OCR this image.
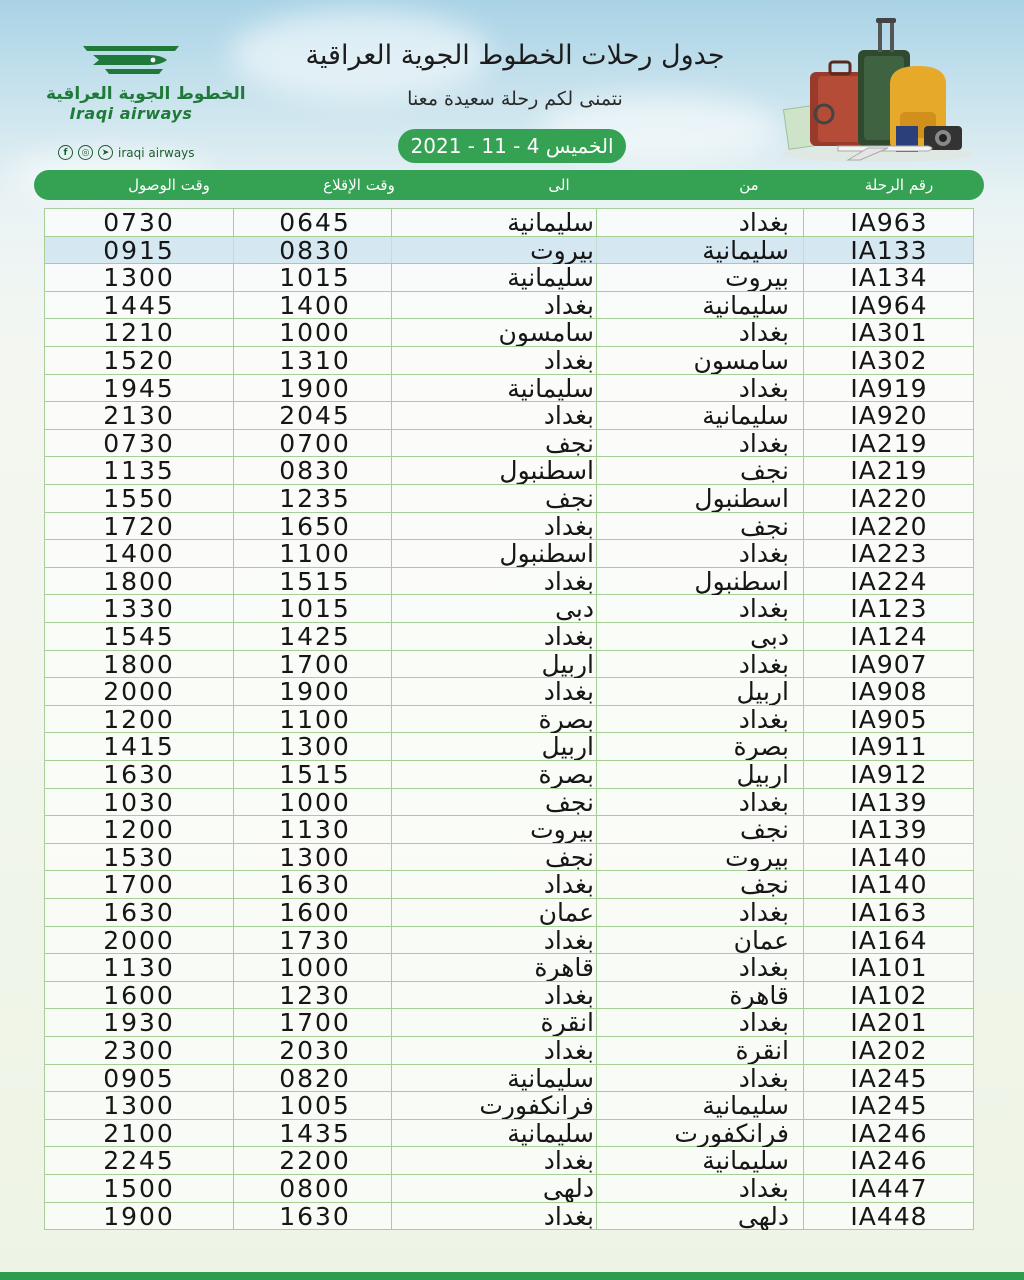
الخطوط الجوية العراقية
Iraqi airways
f	◎	➤ iraqi airways
جدول رحلات الخطوط الجوية العراقية
نتمنى لكم رحلة سعيدة معنا
الخميس 4 - 11 - 2021
رقم الرحلة
من
الى
وقت الإقلاع
وقت الوصول
IA963
بغداد
سليمانية
0645
0730
IA133
سليمانية
بيروت
0830
0915
IA134
بيروت
سليمانية
1015
1300
IA964
سليمانية
بغداد
1400
1445
IA301
بغداد
سامسون
1000
1210
IA302
سامسون
بغداد
1310
1520
IA919
بغداد
سليمانية
1900
1945
IA920
سليمانية
بغداد
2045
2130
IA219
بغداد
نجف
0700
0730
IA219
نجف
اسطنبول
0830
1135
IA220
اسطنبول
نجف
1235
1550
IA220
نجف
بغداد
1650
1720
IA223
بغداد
اسطنبول
1100
1400
IA224
اسطنبول
بغداد
1515
1800
IA123
بغداد
دبى
1015
1330
IA124
دبى
بغداد
1425
1545
IA907
بغداد
اربيل
1700
1800
IA908
اربيل
بغداد
1900
2000
IA905
بغداد
بصرة
1100
1200
IA911
بصرة
اربيل
1300
1415
IA912
اربيل
بصرة
1515
1630
IA139
بغداد
نجف
1000
1030
IA139
نجف
بيروت
1130
1200
IA140
بيروت
نجف
1300
1530
IA140
نجف
بغداد
1630
1700
IA163
بغداد
عمان
1600
1630
IA164
عمان
بغداد
1730
2000
IA101
بغداد
قاهرة
1000
1130
IA102
قاهرة
بغداد
1230
1600
IA201
بغداد
انقرة
1700
1930
IA202
انقرة
بغداد
2030
2300
IA245
بغداد
سليمانية
0820
0905
IA245
سليمانية
فرانكفورت
1005
1300
IA246
فرانكفورت
سليمانية
1435
2100
IA246
سليمانية
بغداد
2200
2245
IA447
بغداد
دلهى
0800
1500
IA448
دلهى
بغداد
1630
1900
